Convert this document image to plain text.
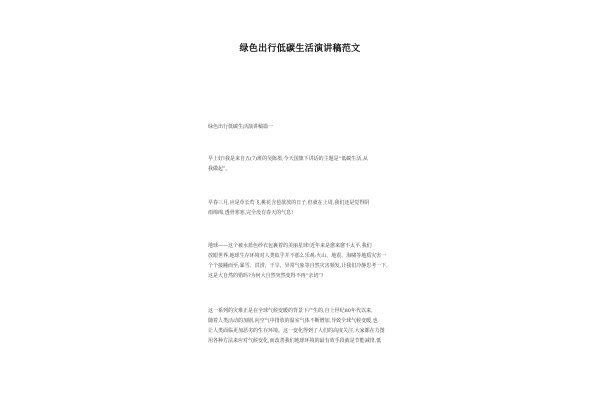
绿色出行低碳生活演讲稿范文
绿色出行低碳生活演讲稿篇一
早上好!我是来自五(7)班的吴陈墨,今天国旗下讲话的主题是“低碳生活,从
我做起”。
早春三月,应是草长莺飞,桃花含苞欲放的日子,但就在上周,我们还是觉得阴
雨绵绵,透骨寒寒,完全没有春天的气息!
地球——这个被水蓝色纱衣包裹着的美丽星球!近年来是愈来愈不太平,我们
放眼世界,地球生存环境对人类似乎并不那么乐观:火山、地震、海啸等地质灾害一
个个接踵而至;暴雪、洪涝、干旱、异常气象等自然灾害频发,让我们冷静思考一下,
这是大自然的错吗?为何大自然突然变得不再“亲切”?
这一系列的灾难正是在全球气候变暖的背景下产生的,自上世纪80年代以来,
随着人类活动的加剧,向空气中排放的温室气体不断增加,导致全球气候变暖,也
让人类面临更加恶劣的生存环境。这一变化得到了人们的高度关注,大家都在力图
用各种方法来应对气候变化,而改善我们地球环境的最有效手段就是节能减排,低
